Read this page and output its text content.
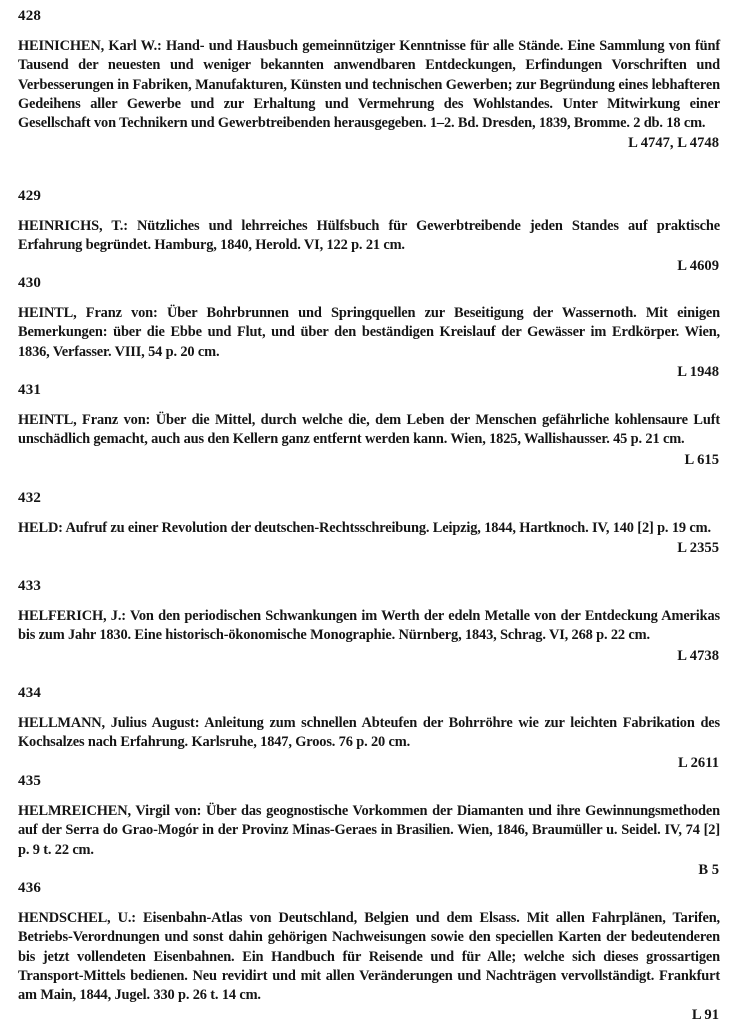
428

HEINICHEN, Karl W.: Hand- und Hausbuch gemeinnütziger Kenntnisse für alle Stände. Eine Sammlung von fünf Tausend der neuesten und weniger bekannten anwendbaren Entdeckungen, Erfindungen Vorschriften und Verbesserungen in Fabriken, Manufakturen, Künsten und technischen Gewerben; zur Begründung eines lebhafteren Gedeihens aller Gewerbe und zur Erhaltung und Vermehrung des Wohlstandes. Unter Mitwirkung einer Gesellschaft von Technikern und Gewerbtreibenden herausgegeben. 1–2. Bd. Dresden, 1839, Bromme. 2 db. 18 cm.

L 4747, L 4748
429

HEINRICHS, T.: Nützliches und lehrreiches Hülfsbuch für Gewerbtreibende jeden Standes auf praktische Erfahrung begründet. Hamburg, 1840, Herold. VI, 122 p. 21 cm.

L 4609
430

HEINTL, Franz von: Über Bohrbrunnen und Springquellen zur Beseitigung der Wassernoth. Mit einigen Bemerkungen: über die Ebbe und Flut, und über den beständigen Kreislauf der Gewässer im Erdkörper. Wien, 1836, Verfasser. VIII, 54 p. 20 cm.

L 1948
431

HEINTL, Franz von: Über die Mittel, durch welche die, dem Leben der Menschen gefährliche kohlensaure Luft unschädlich gemacht, auch aus den Kellern ganz entfernt werden kann. Wien, 1825, Wallishausser. 45 p. 21 cm.

L 615
432

HELD: Aufruf zu einer Revolution der deutschen-Rechtsschreibung. Leipzig, 1844, Hartknoch. IV, 140 [2] p. 19 cm.

L 2355
433

HELFERICH, J.: Von den periodischen Schwankungen im Werth der edeln Metalle von der Entdeckung Amerikas bis zum Jahr 1830. Eine historisch-ökonomische Monographie. Nürnberg, 1843, Schrag. VI, 268 p. 22 cm.

L 4738
434

HELLMANN, Julius August: Anleitung zum schnellen Abteufen der Bohrröhre wie zur leichten Fabrikation des Kochsalzes nach Erfahrung. Karlsruhe, 1847, Groos. 76 p. 20 cm.

L 2611
435

HELMREICHEN, Virgil von: Über das geognostische Vorkommen der Diamanten und ihre Gewinnungsmethoden auf der Serra do Grao-Mogór in der Provinz Minas-Geraes in Brasilien. Wien, 1846, Braumüller u. Seidel. IV, 74 [2] p. 9 t. 22 cm.

B 5
436

HENDSCHEL, U.: Eisenbahn-Atlas von Deutschland, Belgien und dem Elsass. Mit allen Fahrplänen, Tarifen, Betriebs-Verordnungen und sonst dahin gehörigen Nachweisungen sowie den speciellen Karten der bedeutenderen bis jetzt vollendeten Eisenbahnen. Ein Handbuch für Reisende und für Alle; welche sich dieses grossartigen Transport-Mittels bedienen. Neu revidirt und mit allen Veränderungen und Nachträgen vervollständigt. Frankfurt am Main, 1844, Jugel. 330 p. 26 t. 14 cm.

L 91
